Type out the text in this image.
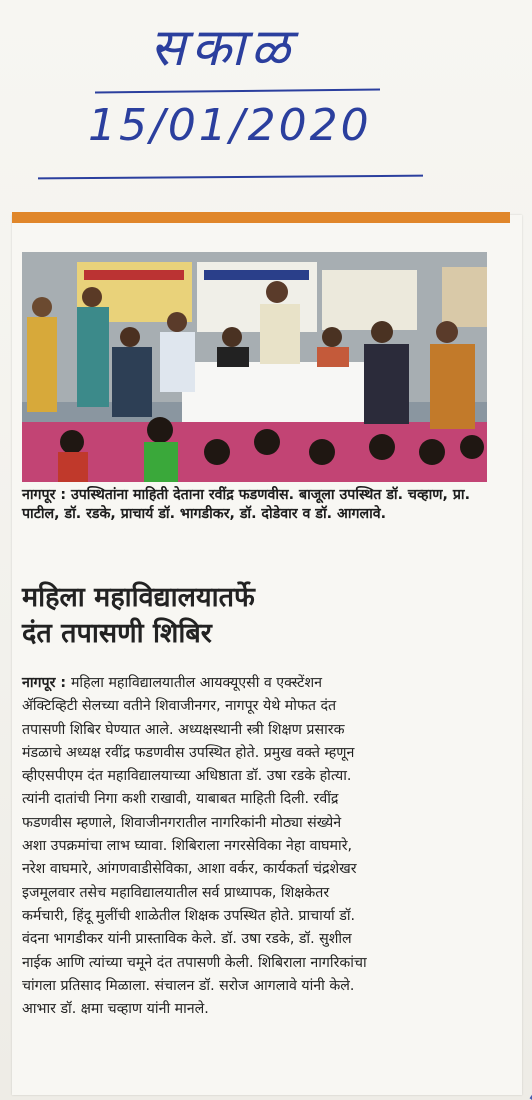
सकाळ
15/01/2020
नागपूर : उपस्थितांना माहिती देताना रवींद्र फडणवीस. बाजूला उपस्थित डॉ. चव्हाण, प्रा. पाटील, डॉ. रडके, प्राचार्य डॉ. भागडीकर, डॉ. दोडेवार व डॉ. आगलावे.
महिला महाविद्यालयातर्फे
दंत तपासणी शिबिर
नागपूर : महिला महाविद्यालयातील आयक्यूएसी व एक्स्टेंशन
ॲक्टिव्हिटी सेलच्या वतीने शिवाजीनगर, नागपूर येथे मोफत दंत
तपासणी शिबिर घेण्यात आले. अध्यक्षस्थानी स्त्री शिक्षण प्रसारक
मंडळाचे अध्यक्ष रवींद्र फडणवीस उपस्थित होते. प्रमुख वक्ते म्हणून
व्हीएसपीएम दंत महाविद्यालयाच्या अधिष्ठाता डॉ. उषा रडके होत्या.
त्यांनी दातांची निगा कशी राखावी, याबाबत माहिती दिली. रवींद्र
फडणवीस म्हणाले, शिवाजीनगरातील नागरिकांनी मोठ्या संख्येने
अशा उपक्रमांचा लाभ घ्यावा. शिबिराला नगरसेविका नेहा वाघमारे,
नरेश वाघमारे, आंगणवाडीसेविका, आशा वर्कर, कार्यकर्ता चंद्रशेखर
इजमूलवार तसेच महाविद्यालयातील सर्व प्राध्यापक, शिक्षकेतर
कर्मचारी, हिंदू मुलींची शाळेतील शिक्षक उपस्थित होते. प्राचार्या डॉ.
वंदना भागडीकर यांनी प्रास्ताविक केले. डॉ. उषा रडके, डॉ. सुशील
नाईक आणि त्यांच्या चमूने दंत तपासणी केली. शिबिराला नागरिकांचा
चांगला प्रतिसाद मिळाला. संचालन डॉ. सरोज आगलावे यांनी केले.
आभार डॉ. क्षमा चव्हाण यांनी मानले.
